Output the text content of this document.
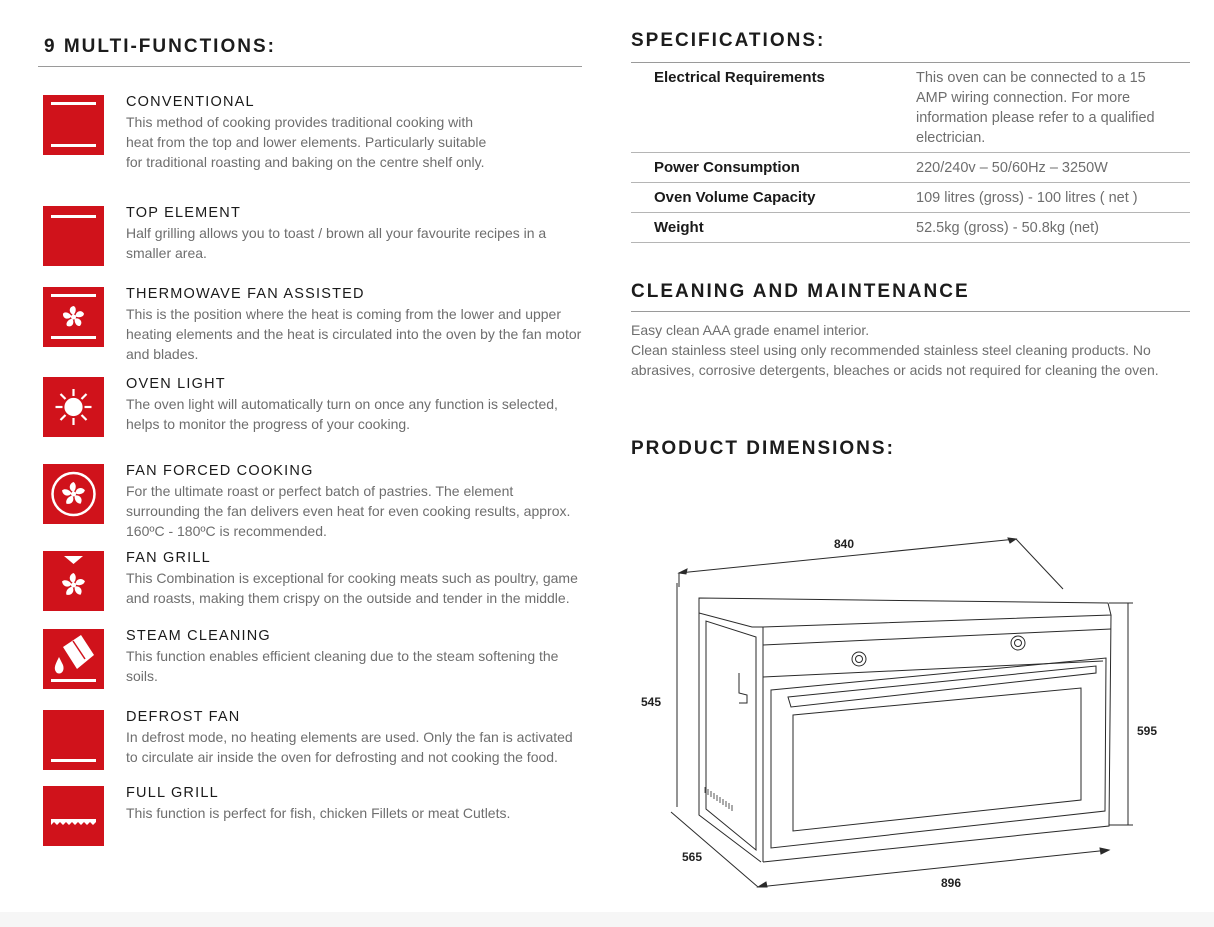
9 MULTI-FUNCTIONS:

CONVENTIONAL

This method of cooking provides traditional cooking with heat from the top and lower elements. Particularly suitable for traditional roasting and baking on the centre shelf only.

TOP ELEMENT

Half grilling allows you to toast / brown all your favourite recipes in a smaller area.

THERMOWAVE FAN ASSISTED

This is the position where the heat is coming from the lower and upper heating elements and the heat is circulated into the oven by the fan motor and blades.

OVEN LIGHT

The oven light will automatically turn on once any function is selected, helps to monitor the progress of your cooking.

FAN FORCED COOKING

For the ultimate roast or perfect batch of pastries. The element surrounding the fan delivers even heat for even cooking results, approx. 160ºC - 180ºC is recommended.

FAN GRILL

This Combination is exceptional for cooking meats such as poultry, game and roasts, making them crispy on the outside and tender in the middle.

STEAM CLEANING

This function enables efficient cleaning due to the steam softening the soils.

DEFROST FAN

In defrost mode, no heating elements are used. Only the fan is activated to circulate air inside the oven for defrosting and not cooking the food.

FULL GRILL

This function is perfect for fish, chicken Fillets or meat Cutlets.

SPECIFICATIONS:
Electrical Requirements	This oven can be connected to a 15 AMP wiring connection. For more information please refer to a qualified electrician.
Power Consumption	220/240v – 50/60Hz – 3250W
Oven Volume Capacity	109 litres (gross) - 100 litres ( net )
Weight	52.5kg (gross) - 50.8kg (net)
CLEANING AND MAINTENANCE
Easy clean AAA grade enamel interior.
Clean stainless steel using only recommended stainless steel cleaning products. No abrasives, corrosive detergents, bleaches or acids not required for cleaning the oven.
PRODUCT DIMENSIONS:
840
545
595
565
896
